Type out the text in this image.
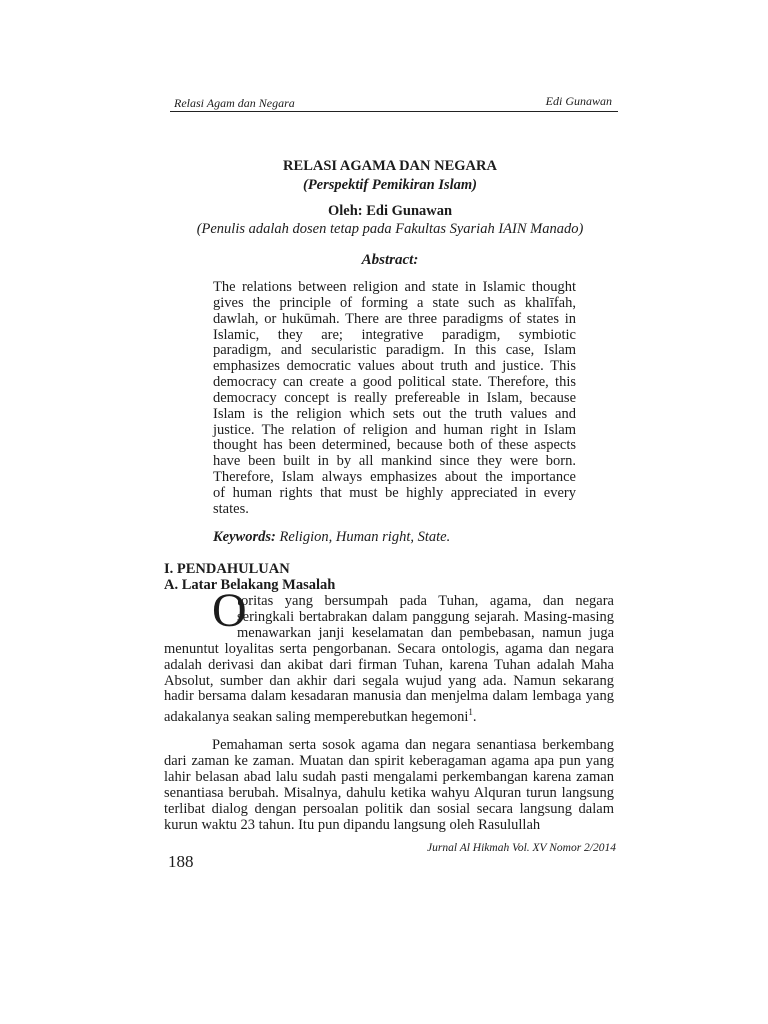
Relasi Agam dan Negara	Edi Gunawan
RELASI AGAMA DAN NEGARA
(Perspektif Pemikiran Islam)
Oleh: Edi Gunawan
(Penulis adalah dosen tetap pada Fakultas Syariah IAIN Manado)
Abstract:
The relations between religion and state in Islamic thought
gives the principle of forming a state such as khalīfah,
dawlah, or hukūmah. There are three paradigms of states in
Islamic, they are; integrative paradigm, symbiotic
paradigm, and secularistic paradigm. In this case, Islam
emphasizes democratic values about truth and justice. This
democracy can create a good political state. Therefore, this
democracy concept is really prefereable in Islam, because
Islam is the religion which sets out the truth values and
justice. The relation of religion and human right in Islam
thought has been determined, because both of these aspects
have been built in by all mankind since they were born.
Therefore, Islam always emphasizes about the importance
of human rights that must be highly appreciated in every
states.
Keywords: Religion, Human right, State.
I. PENDAHULUAN
A. Latar Belakang Masalah
O
toritas yang bersumpah pada Tuhan, agama, dan negara
seringkali bertabrakan dalam panggung sejarah. Masing-masing
menawarkan janji keselamatan dan pembebasan, namun juga
menuntut loyalitas serta pengorbanan. Secara ontologis, agama dan negara
adalah derivasi dan akibat dari firman Tuhan, karena Tuhan adalah Maha
Absolut, sumber dan akhir dari segala wujud yang ada. Namun sekarang
hadir bersama dalam kesadaran manusia dan menjelma dalam lembaga yang
adakalanya seakan saling memperebutkan hegemoni$^1$.
Pemahaman serta sosok agama dan negara senantiasa berkembang
dari zaman ke zaman. Muatan dan spirit keberagaman agama apa pun yang
lahir belasan abad lalu sudah pasti mengalami perkembangan karena zaman
senantiasa berubah. Misalnya, dahulu ketika wahyu Alquran turun langsung
terlibat dialog dengan persoalan politik dan sosial secara langsung dalam
kurun waktu 23 tahun. Itu pun dipandu langsung oleh Rasulullah
188
Jurnal Al Hikmah Vol. XV Nomor 2/2014
